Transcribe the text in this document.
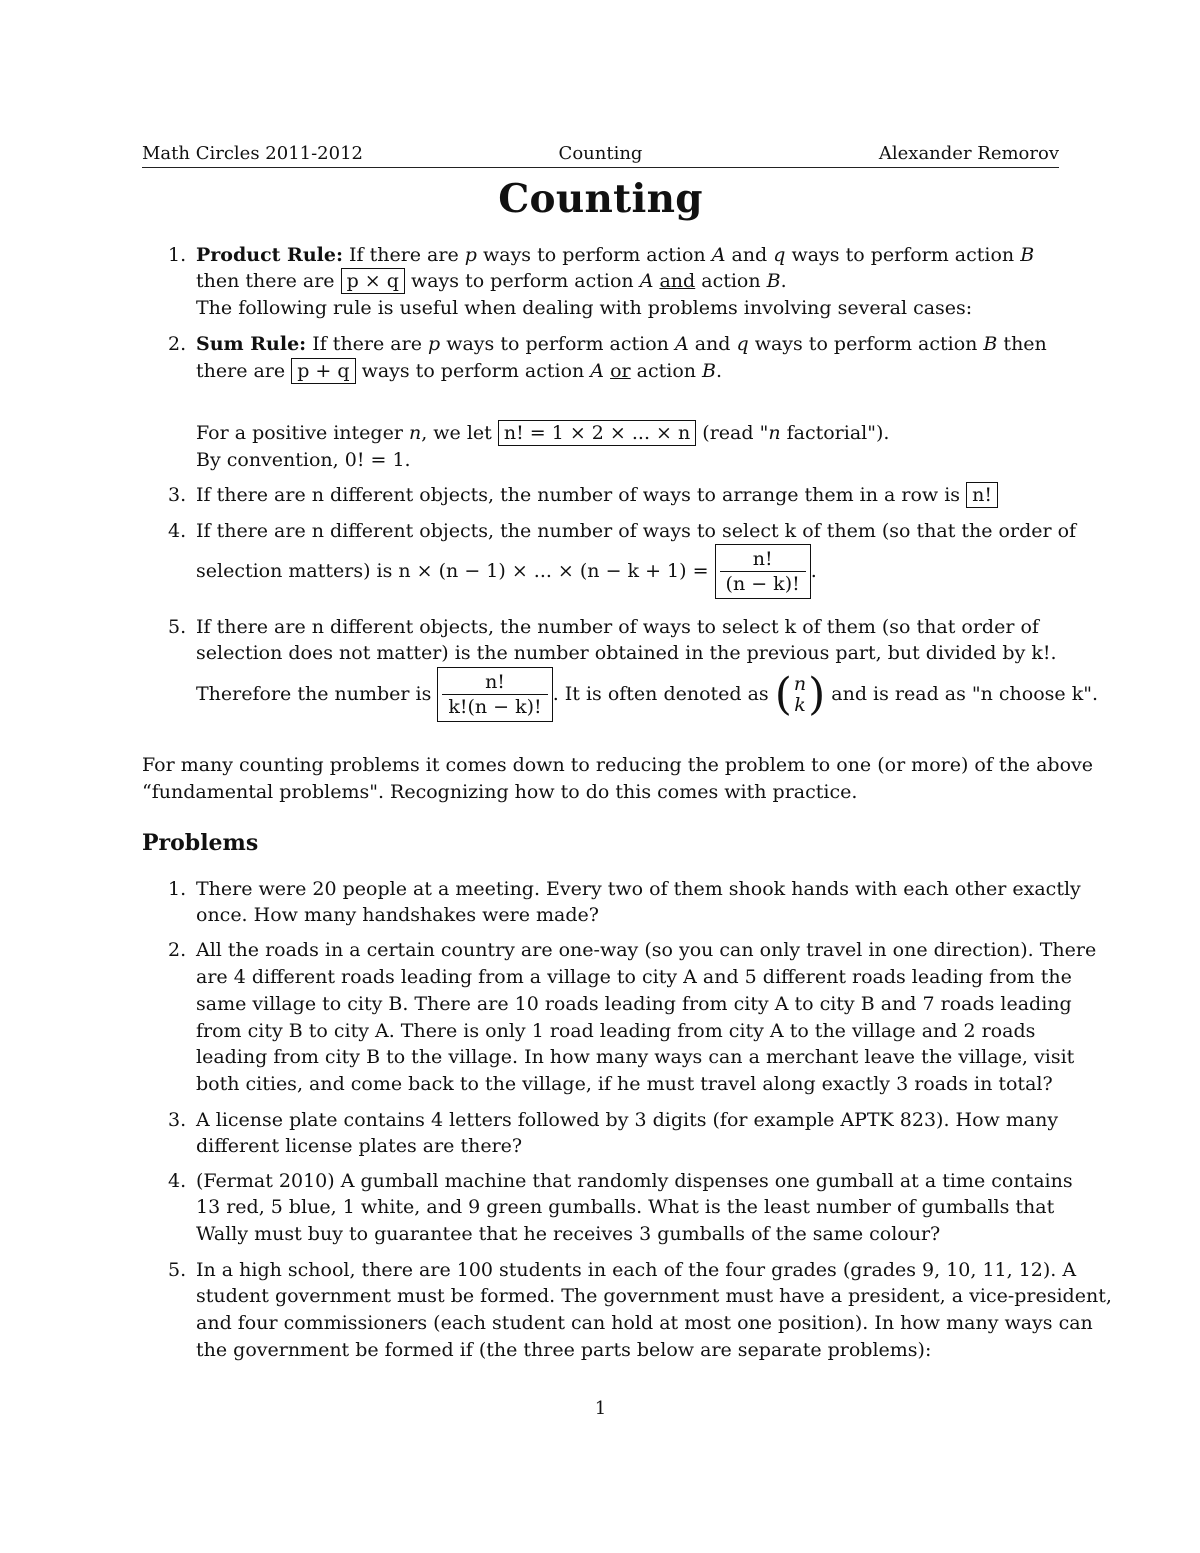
Math Circles 2011-2012	Counting	Alexander Remorov
Counting
1. Product Rule: If there are p ways to perform action A and q ways to perform action B
then there are p × q ways to perform action A and action B.
The following rule is useful when dealing with problems involving several cases:
2. Sum Rule: If there are p ways to perform action A and q ways to perform action B then
there are p + q ways to perform action A or action B.
For a positive integer n, we let n! = 1 × 2 × ... × n (read "n factorial").
By convention, 0! = 1.
3. If there are n different objects, the number of ways to arrange them in a row is n!
4. If there are n different objects, the number of ways to select k of them (so that the order of
selection matters) is n × (n − 1) × ... × $(n - k + 1) = \frac{n!}{(n - k)!}$ .
5. If there are n different objects, the number of ways to select k of them (so that order of
selection does not matter) is the number obtained in the previous part, but divided by k!.
Therefore the number is $\frac{n!}{k!(n - k)!}$ . It is often denoted as ( n
k ) and is read as "n choose k".
For many counting problems it comes down to reducing the problem to one (or more) of the above
“fundamental problems". Recognizing how to do this comes with practice.
Problems
1. There were 20 people at a meeting. Every two of them shook hands with each other exactly
once. How many handshakes were made?
2. All the roads in a certain country are one-way (so you can only travel in one direction). There
are 4 different roads leading from a village to city A and 5 different roads leading from the
same village to city B. There are 10 roads leading from city A to city B and 7 roads leading
from city B to city A. There is only 1 road leading from city A to the village and 2 roads
leading from city B to the village. In how many ways can a merchant leave the village, visit
both cities, and come back to the village, if he must travel along exactly 3 roads in total?
3. A license plate contains 4 letters followed by 3 digits (for example APTK 823). How many
different license plates are there?
4. (Fermat 2010) A gumball machine that randomly dispenses one gumball at a time contains
13 red, 5 blue, 1 white, and 9 green gumballs. What is the least number of gumballs that
Wally must buy to guarantee that he receives 3 gumballs of the same colour?
5. In a high school, there are 100 students in each of the four grades (grades 9, 10, 11, 12). A
student government must be formed. The government must have a president, a vice-president,
and four commissioners (each student can hold at most one position). In how many ways can
the government be formed if (the three parts below are separate problems):
1
